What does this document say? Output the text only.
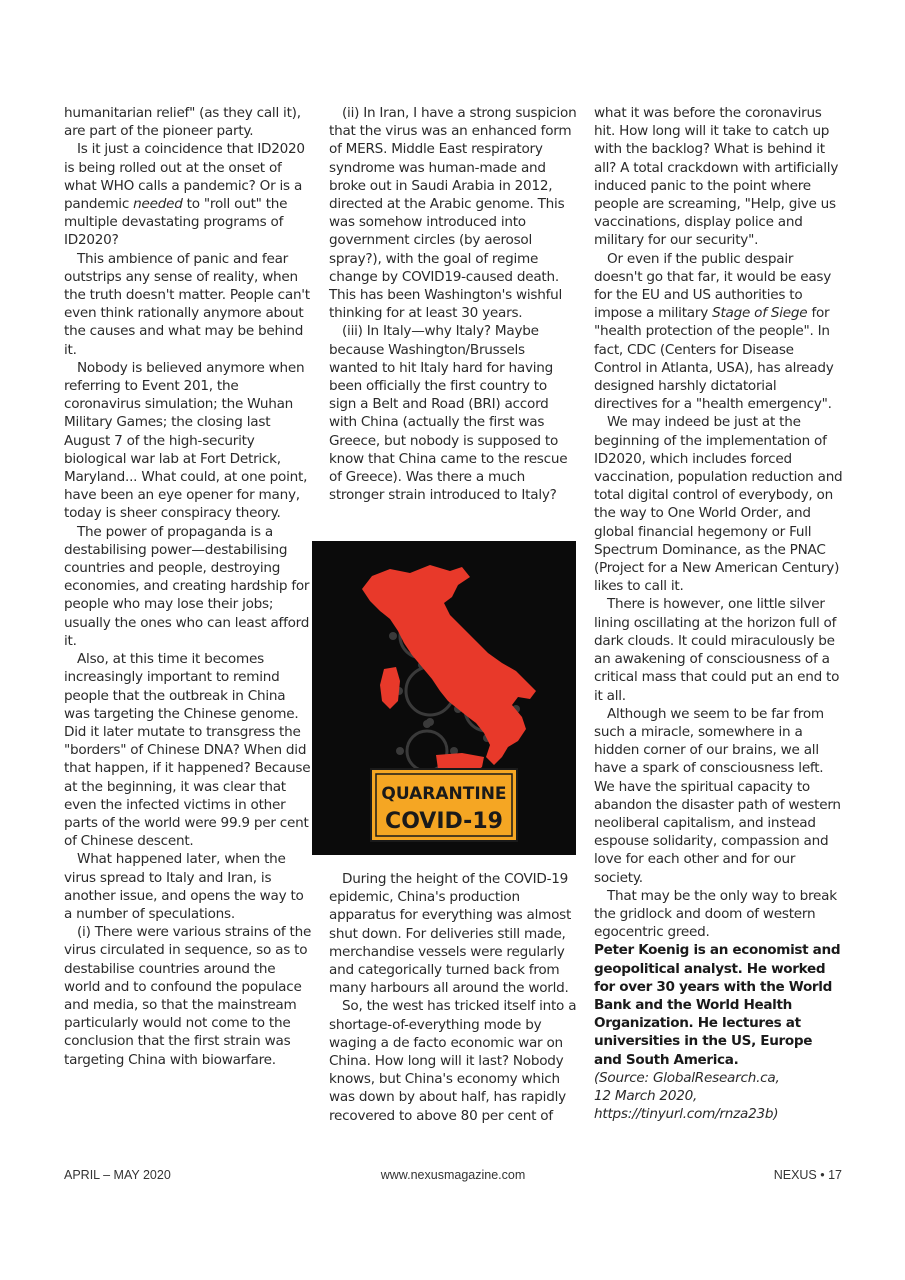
humanitarian relief" (as they call it), are part of the pioneer party.

Is it just a coincidence that ID2020 is being rolled out at the onset of what WHO calls a pandemic? Or is a pandemic needed to "roll out" the multiple devastating programs of ID2020?

This ambience of panic and fear outstrips any sense of reality, when the truth doesn't matter. People can't even think rationally anymore about the causes and what may be behind it.

Nobody is believed anymore when referring to Event 201, the coronavirus simulation; the Wuhan Military Games; the closing last August 7 of the high-security biological war lab at Fort Detrick, Maryland... What could, at one point, have been an eye opener for many, today is sheer conspiracy theory.

The power of propaganda is a destabilising power—destabilising countries and people, destroying economies, and creating hardship for people who may lose their jobs; usually the ones who can least afford it.

Also, at this time it becomes increasingly important to remind people that the outbreak in China was targeting the Chinese genome. Did it later mutate to transgress the "borders" of Chinese DNA? When did that happen, if it happened? Because at the beginning, it was clear that even the infected victims in other parts of the world were 99.9 per cent of Chinese descent.

What happened later, when the virus spread to Italy and Iran, is another issue, and opens the way to a number of speculations.

(i) There were various strains of the virus circulated in sequence, so as to destabilise countries around the world and to confound the populace and media, so that the mainstream particularly would not come to the conclusion that the first strain was targeting China with biowarfare.

(ii) In Iran, I have a strong suspicion that the virus was an enhanced form of MERS. Middle East respiratory syndrome was human-made and broke out in Saudi Arabia in 2012, directed at the Arabic genome. This was somehow introduced into government circles (by aerosol spray?), with the goal of regime change by COVID19-caused death. This has been Washington's wishful thinking for at least 30 years.

(iii) In Italy—why Italy? Maybe because Washington/Brussels wanted to hit Italy hard for having been officially the first country to sign a Belt and Road (BRI) accord with China (actually the first was Greece, but nobody is supposed to know that China came to the rescue of Greece). Was there a much stronger strain introduced to Italy?

During the height of the COVID-19 epidemic, China's production apparatus for everything was almost shut down. For deliveries still made, merchandise vessels were regularly and categorically turned back from many harbours all around the world.

So, the west has tricked itself into a shortage-of-everything mode by waging a de facto economic war on China. How long will it last? Nobody knows, but China's economy which was down by about half, has rapidly recovered to above 80 per cent of

QUARANTINE
COVID-19

what it was before the coronavirus hit. How long will it take to catch up with the backlog? What is behind it all? A total crackdown with artificially induced panic to the point where people are screaming, "Help, give us vaccinations, display police and military for our security".

Or even if the public despair doesn't go that far, it would be easy for the EU and US authorities to impose a military Stage of Siege for "health protection of the people". In fact, CDC (Centers for Disease Control in Atlanta, USA), has already designed harshly dictatorial directives for a "health emergency".

We may indeed be just at the beginning of the implementation of ID2020, which includes forced vaccination, population reduction and total digital control of everybody, on the way to One World Order, and global financial hegemony or Full Spectrum Dominance, as the PNAC (Project for a New American Century) likes to call it.

There is however, one little silver lining oscillating at the horizon full of dark clouds. It could miraculously be an awakening of consciousness of a critical mass that could put an end to it all.

Although we seem to be far from such a miracle, somewhere in a hidden corner of our brains, we all have a spark of consciousness left. We have the spiritual capacity to abandon the disaster path of western neoliberal capitalism, and instead espouse solidarity, compassion and love for each other and for our society.

That may be the only way to break the gridlock and doom of western egocentric greed.

Peter Koenig is an economist and geopolitical analyst. He worked for over 30 years with the World Bank and the World Health Organization. He lectures at universities in the US, Europe and South America.

(Source: GlobalResearch.ca,
12 March 2020,
https://tinyurl.com/rnza23b)

APRIL – MAY 2020	www.nexusmagazine.com	NEXUS • 17
